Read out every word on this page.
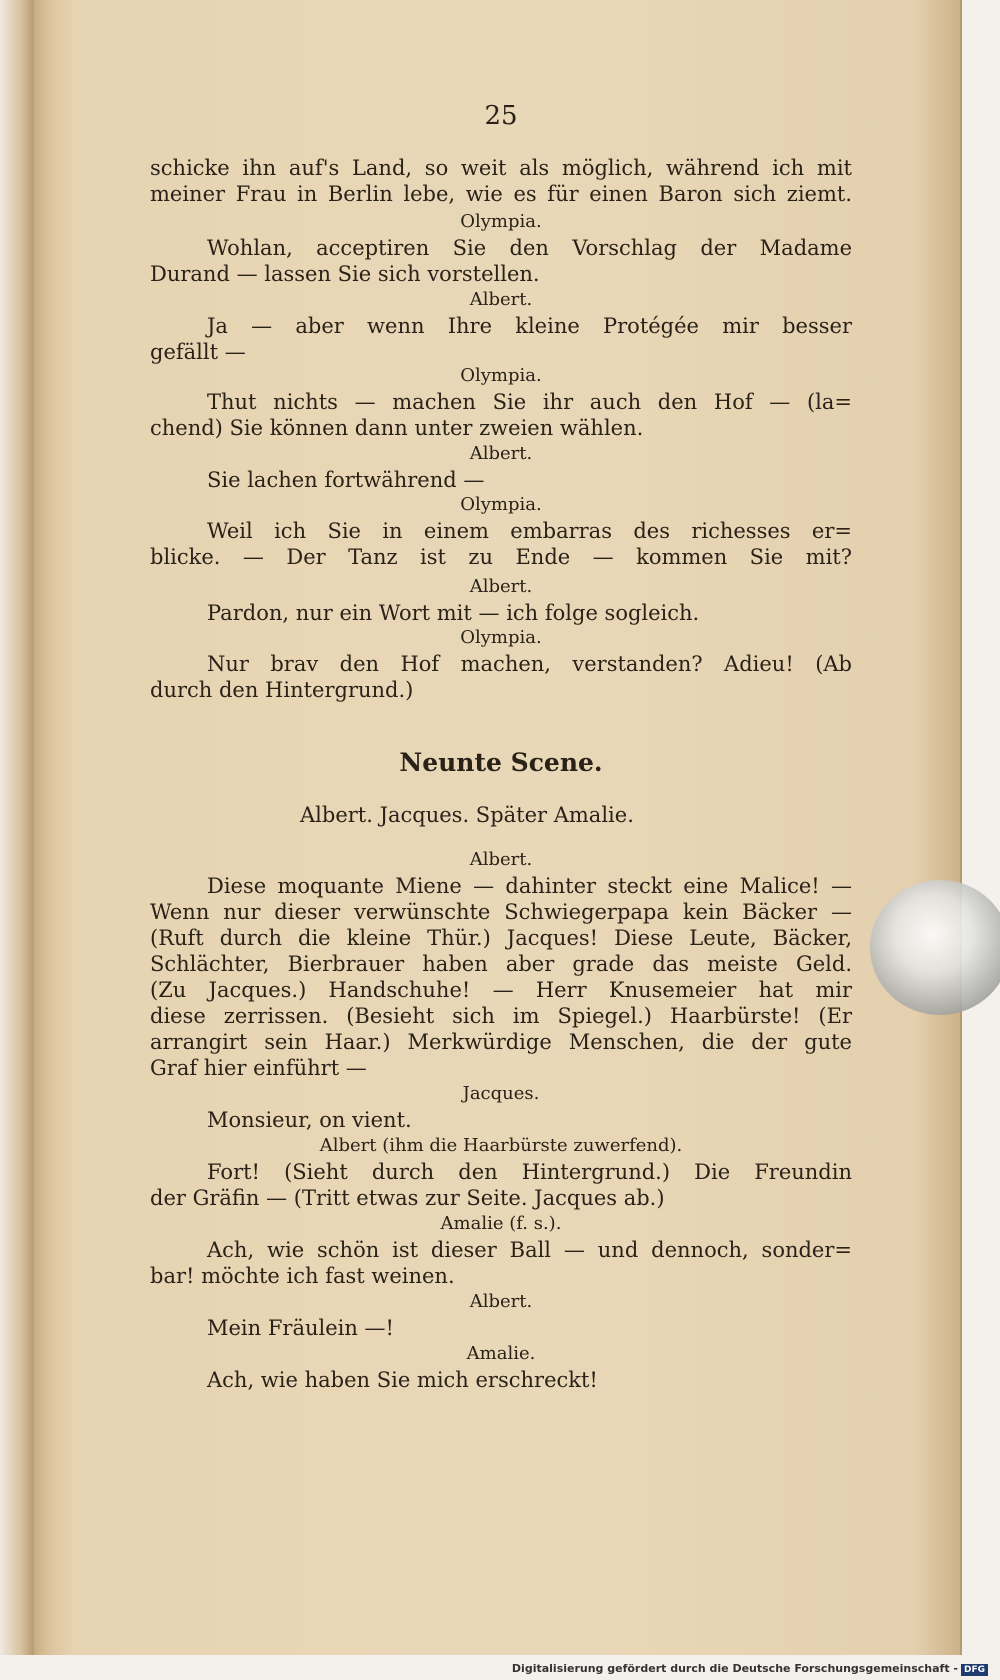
25
schicke ihn auf's Land, so weit als möglich, während ich mit
meiner Frau in Berlin lebe, wie es für einen Baron sich ziemt.
Olympia.
Wohlan, acceptiren Sie den Vorschlag der Madame
Durand — lassen Sie sich vorstellen.
Albert.
Ja — aber wenn Ihre kleine Protégée mir besser
gefällt —
Olympia.
Thut nichts — machen Sie ihr auch den Hof — (la=
chend) Sie können dann unter zweien wählen.
Albert.
Sie lachen fortwährend —
Olympia.
Weil ich Sie in einem embarras des richesses er=
blicke. — Der Tanz ist zu Ende — kommen Sie mit?
Albert.
Pardon, nur ein Wort mit — ich folge sogleich.
Olympia.
Nur brav den Hof machen, verstanden? Adieu! (Ab
durch den Hintergrund.)
Neunte Scene.
Albert. Jacques. Später Amalie.
Albert.
Diese moquante Miene — dahinter steckt eine Malice! —
Wenn nur dieser verwünschte Schwiegerpapa kein Bäcker —
(Ruft durch die kleine Thür.) Jacques! Diese Leute, Bäcker,
Schlächter, Bierbrauer haben aber grade das meiste Geld.
(Zu Jacques.) Handschuhe! — Herr Knusemeier hat mir
diese zerrissen. (Besieht sich im Spiegel.) Haarbürste! (Er
arrangirt sein Haar.) Merkwürdige Menschen, die der gute
Graf hier einführt —
Jacques.
Monsieur, on vient.
Albert (ihm die Haarbürste zuwerfend).
Fort! (Sieht durch den Hintergrund.) Die Freundin
der Gräfin — (Tritt etwas zur Seite. Jacques ab.)
Amalie (f. s.).
Ach, wie schön ist dieser Ball — und dennoch, sonder=
bar! möchte ich fast weinen.
Albert.
Mein Fräulein —!
Amalie.
Ach, wie haben Sie mich erschreckt!
Digitalisierung gefördert durch die Deutsche Forschungsgemeinschaft - DFG
